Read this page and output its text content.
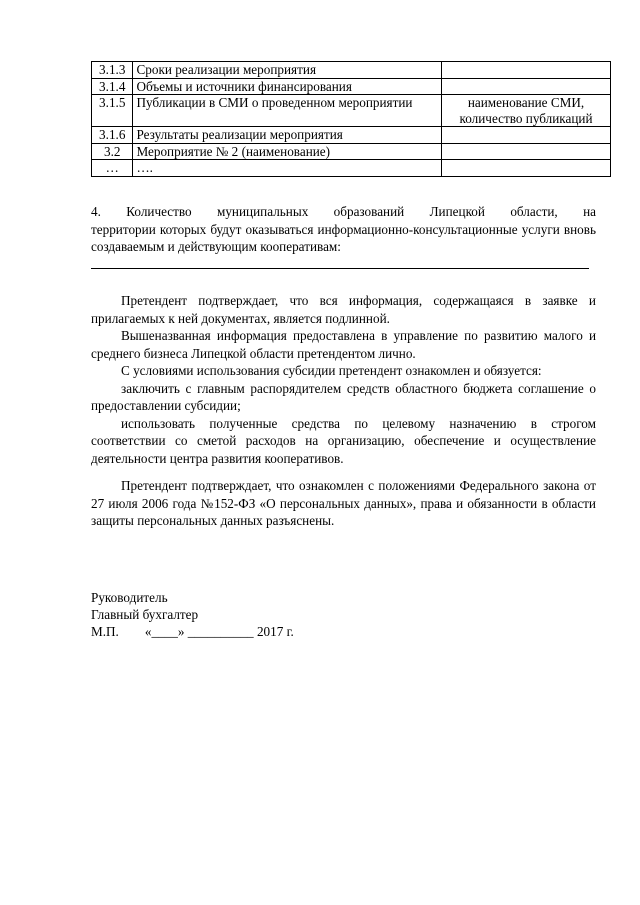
3.1.3	Сроки реализации мероприятия	
3.1.4	Объемы и источники финансирования	
3.1.5	Публикации в СМИ о проведенном мероприятии	наименование СМИ, количество публикаций
3.1.6	Результаты реализации мероприятия	
3.2	Мероприятие № 2 (наименование)	
…	….	
4. Количество муниципальных образований Липецкой области, на
территории которых будут оказываться информационно-консультационные услуги вновь создаваемым и действующим кооперативам:

Претендент подтверждает, что вся информация, содержащаяся в заявке и прилагаемых к ней документах, является подлинной.

Вышеназванная информация предоставлена в управление по развитию малого и среднего бизнеса Липецкой области претендентом лично.

С условиями использования субсидии претендент ознакомлен и обязуется:

заключить с главным распорядителем средств областного бюджета соглашение о предоставлении субсидии;

использовать полученные средства по целевому назначению в строгом соответствии со сметой расходов на организацию, обеспечение и осуществление деятельности центра развития кооперативов.

Претендент подтверждает, что ознакомлен с положениями Федерального закона от 27 июля 2006 года №152-ФЗ «О персональных данных», права и обязанности в области защиты персональных данных разъяснены.

Руководитель
Главный бухгалтер
М.П. «____» __________ 2017 г.
